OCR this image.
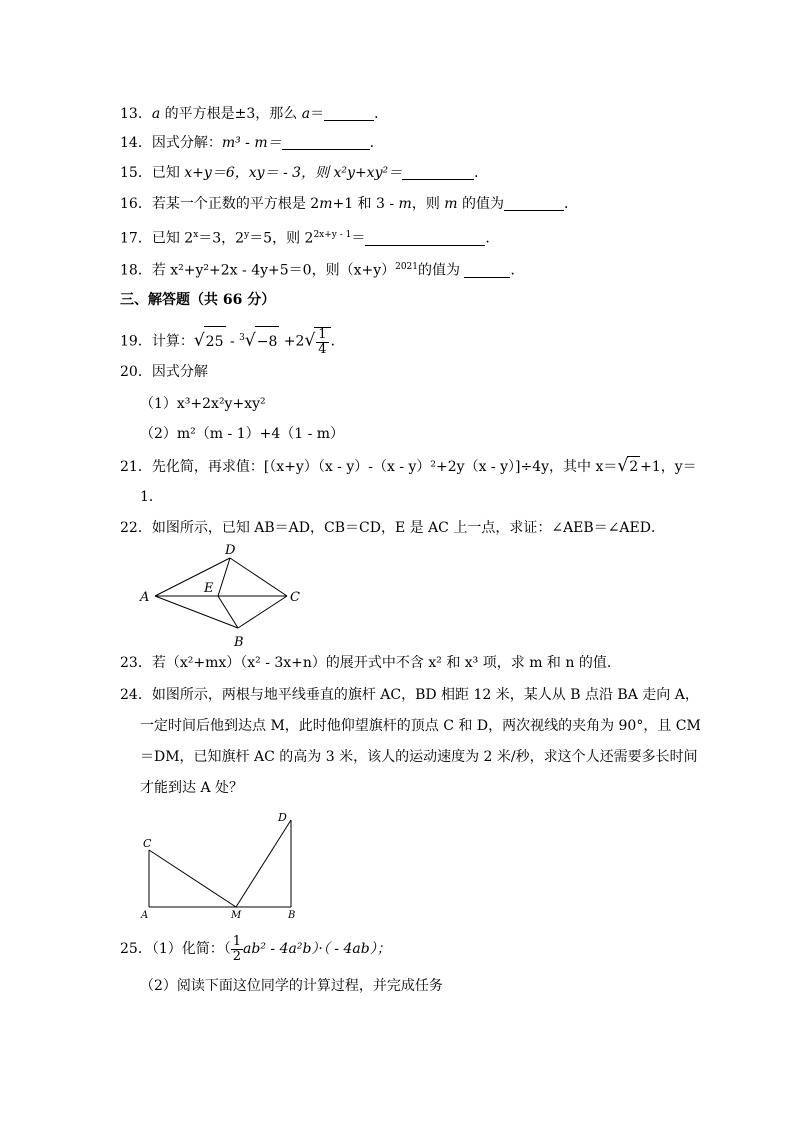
13．a 的平方根是±3，那么 a＝	．
14．因式分解：m³ - m＝	．
15．已知 x+y＝6，xy＝ - 3，则 x²y+xy²＝	．
16．若某一个正数的平方根是 2m+1 和 3 - m，则 m 的值为	．
17．已知 $2^x=3$，$2^y=5$，则 $2^{2x+y - 1}=$	．
18．若 x²+y²+2x - 4y+5＝0，则$(x+y)^{2021}$的值为	．
三、解答题（共 66 分）
19．计算：$√25 - ^3√-8 +2√ \frac{1}{4}$ ．
20．因式分解
（1）x³+2x²y+xy²
（2）m²（m - 1）+4（1 - m）
21．先化简，再求值：[（x+y）（x - y）-（x - y）²+2y（x - y）]÷4y，其中 x＝√2 +1，y＝
1．
22．如图所示，已知 AB＝AD，CB＝CD，E 是 AC 上一点，求证：∠AEB＝∠AED．
A
D
C
B
E
23．若（x²+mx）（x² - 3x+n）的展开式中不含 x² 和 x³ 项，求 m 和 n 的值．
24．如图所示，两根与地平线垂直的旗杆 AC，BD 相距 12 米，某人从 B 点沿 BA 走向 A，
一定时间后他到达点 M，此时他仰望旗杆的顶点 C 和 D，两次视线的夹角为 90°，且 CM
＝DM，已知旗杆 AC 的高为 3 米，该人的运动速度为 2 米/秒，求这个人还需要多长时间
才能到达 A 处？
C
D
A	M	B
25．（1）化简：（ $\frac{1}{2} ab^2 - 4a^2b)\cdot( - 4ab)$；
（2）阅读下面这位同学的计算过程，并完成任务
